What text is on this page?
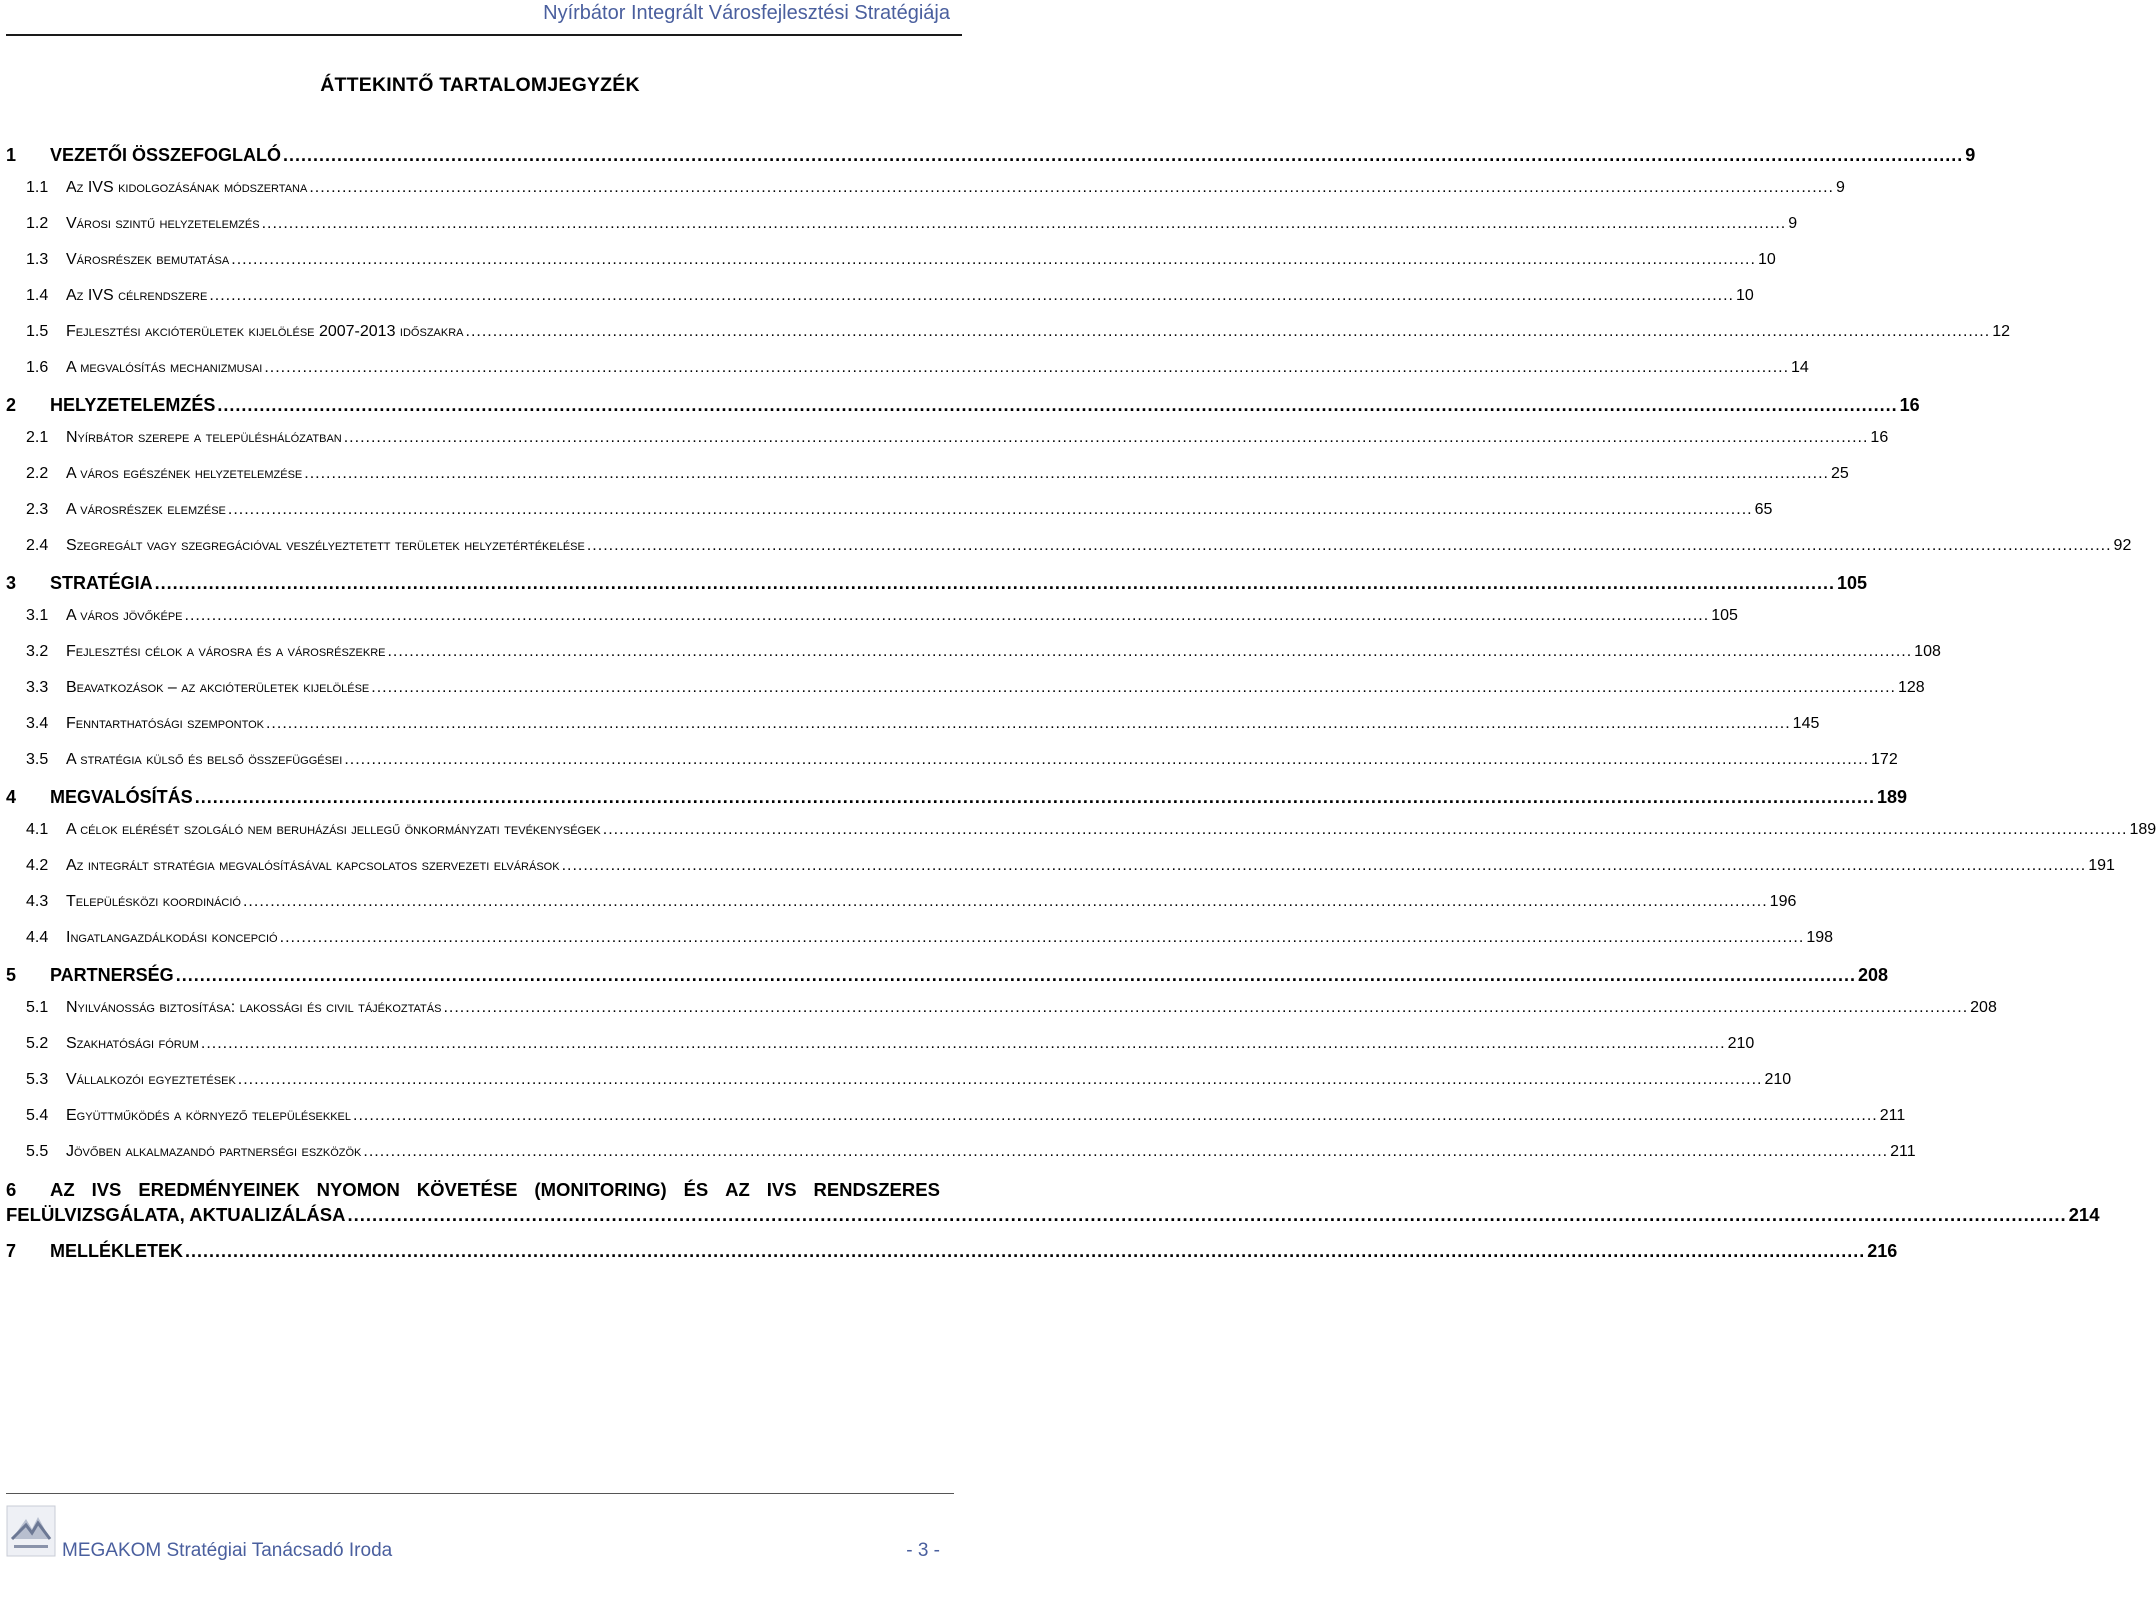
Nyírbátor Integrált Városfejlesztési Stratégiája
ÁTTEKINTŐ TARTALOMJEGYZÉK
1	VEZETŐI ÖSSZEFOGLALÓ .....	9
1.1	Az IVS kidolgozásának módszertana .....	9
1.2	Városi szintű helyzetelemzés .....	9
1.3	Városrészek bemutatása .....	10
1.4	Az IVS célrendszere .....	10
1.5	Fejlesztési akcióterületek kijelölése 2007-2013 időszakra .....	12
1.6	A megvalósítás mechanizmusai .....	14
2	HELYZETELEMZÉS .....	16
2.1	Nyírbátor szerepe a településhálózatban .....	16
2.2	A város egészének helyzetelemzése .....	25
2.3	A városrészek elemzése .....	65
2.4	Szegregált vagy szegregációval veszélyeztetett területek helyzetértékelése .....	92
3	STRATÉGIA .....	105
3.1	A város jövőképe .....	105
3.2	Fejlesztési célok a városra és a városrészekre .....	108
3.3	Beavatkozások – az akcióterületek kijelölése .....	128
3.4	Fenntarthatósági szempontok .....	145
3.5	A stratégia külső és belső összefüggései .....	172
4	MEGVALÓSÍTÁS .....	189
4.1	A célok elérését szolgáló nem beruházási jellegű önkormányzati tevékenységek .....	189
4.2	Az integrált stratégia megvalósításával kapcsolatos szervezeti elvárások .....	191
4.3	Településközi koordináció .....	196
4.4	Ingatlangazdálkodási koncepció .....	198
5	PARTNERSÉG .....	208
5.1	Nyilvánosság biztosítása: lakossági és civil tájékoztatás .....	208
5.2	Szakhatósági fórum .....	210
5.3	Vállalkozói egyeztetések .....	210
5.4	Együttműködés a környező településekkel .....	211
5.5	Jövőben alkalmazandó partnerségi eszközök .....	211
6	AZ IVS EREDMÉNYEINEK NYOMON KÖVETÉSE (MONITORING) ÉS AZ IVS RENDSZERES
FELÜLVIZSGÁLATA, AKTUALIZÁLÁSA .....	214
7	MELLÉKLETEK .....	216
MEGAKOM Stratégiai Tanácsadó Iroda	- 3 -
